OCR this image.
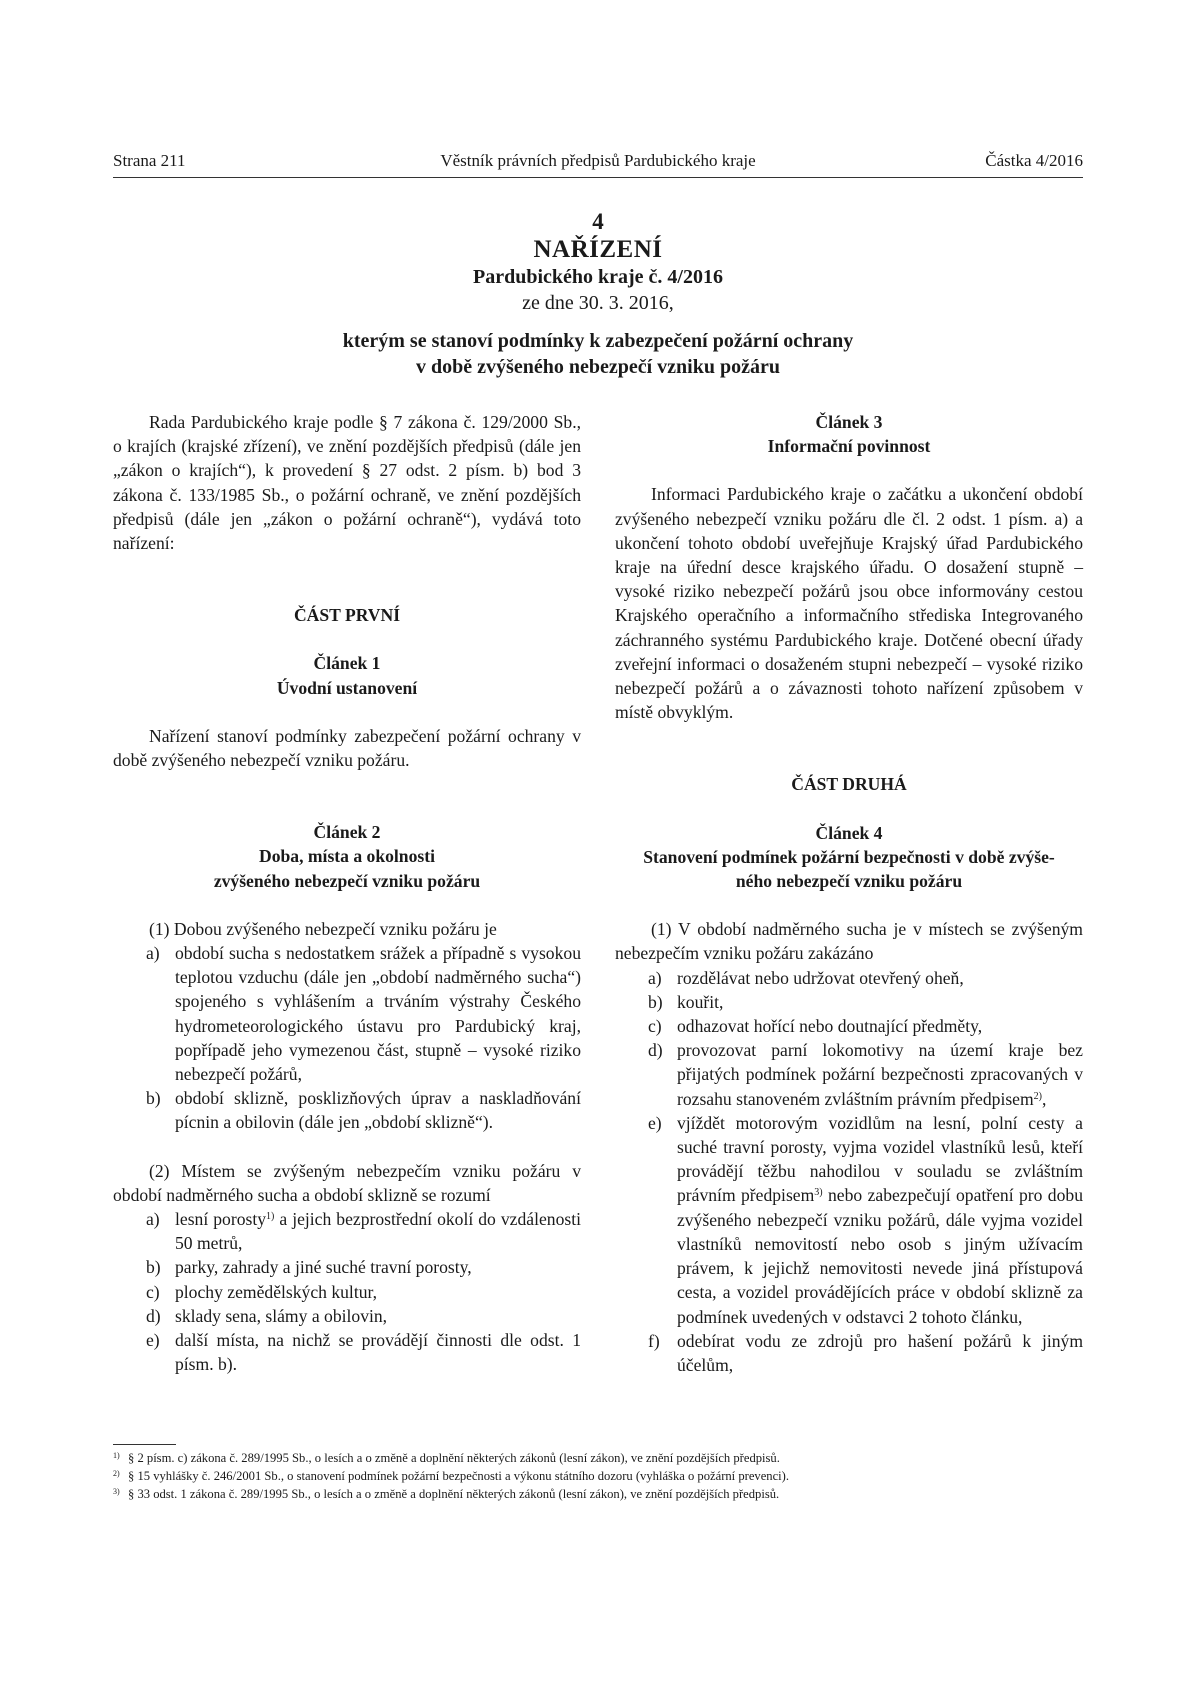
Strana 211	Věstník právních předpisů Pardubického kraje	Částka 4/2016
4
NAŘÍZENÍ
Pardubického kraje č. 4/2016
ze dne 30. 3. 2016,
kterým se stanoví podmínky k zabezpečení požární ochrany
v době zvýšeného nebezpečí vzniku požáru

Rada Pardubického kraje podle § 7 zákona č. 129/2000 Sb., o krajích (krajské zřízení), ve znění pozdějších předpisů (dále jen „zákon o krajích“), k provedení § 27 odst. 2 písm. b) bod 3 zákona č. 133/1985 Sb., o požární ochraně, ve znění pozdějších předpisů (dále jen „zákon o požární ochraně“), vydává toto nařízení:

ČÁST PRVNÍ

Článek 1

Úvodní ustanovení

Nařízení stanoví podmínky zabezpečení požární ochrany v době zvýšeného nebezpečí vzniku požáru.

Článek 2

Doba, místa a okolnosti

zvýšeného nebezpečí vzniku požáru

(1) Dobou zvýšeného nebezpečí vzniku požáru je

a) období sucha s nedostatkem srážek a případně s vysokou teplotou vzduchu (dále jen „období nadměrného sucha“) spojeného s vyhlášením a trváním výstrahy Českého hydrometeorologického ústavu pro Pardubický kraj, popřípadě jeho vymezenou část, stupně – vysoké riziko nebezpečí požárů,
b) období sklizně, posklizňových úprav a naskladňování pícnin a obilovin (dále jen „období sklizně“).

(2) Místem se zvýšeným nebezpečím vzniku požáru v období nadměrného sucha a období sklizně se rozumí

a) lesní porosty$^{1)}$ a jejich bezprostřední okolí do vzdálenosti 50 metrů,
b) parky, zahrady a jiné suché travní porosty,
c) plochy zemědělských kultur,
d) sklady sena, slámy a obilovin,
e) další místa, na nichž se provádějí činnosti dle odst. 1 písm. b).

Článek 3

Informační povinnost

Informaci Pardubického kraje o začátku a ukončení období zvýšeného nebezpečí vzniku požáru dle čl. 2 odst. 1 písm. a) a ukončení tohoto období uveřejňuje Krajský úřad Pardubického kraje na úřední desce krajského úřadu. O dosažení stupně – vysoké riziko nebezpečí požárů jsou obce informovány cestou Krajského operačního a informačního střediska Integrovaného záchranného systému Pardubického kraje. Dotčené obecní úřady zveřejní informaci o dosaženém stupni nebezpečí – vysoké riziko nebezpečí požárů a o závaznosti tohoto nařízení způsobem v místě obvyklým.

ČÁST DRUHÁ

Článek 4

Stanovení podmínek požární bezpečnosti v době zvýše-

ného nebezpečí vzniku požáru

(1) V období nadměrného sucha je v místech se zvýšeným nebezpečím vzniku požáru zakázáno

a) rozdělávat nebo udržovat otevřený oheň,
b) kouřit,
c) odhazovat hořící nebo doutnající předměty,
d) provozovat parní lokomotivy na území kraje bez přijatých podmínek požární bezpečnosti zpracovaných v rozsahu stanoveném zvláštním právním předpisem$^{2)}$,
e) vjíždět motorovým vozidlům na lesní, polní cesty a suché travní porosty, vyjma vozidel vlastníků lesů, kteří provádějí těžbu nahodilou v souladu se zvláštním právním předpisem$^{3)}$ nebo zabezpečují opatření pro dobu zvýšeného nebezpečí vzniku požárů, dále vyjma vozidel vlastníků nemovitostí nebo osob s jiným užívacím právem, k jejichž nemovitosti nevede jiná přístupová cesta, a vozidel provádějících práce v období sklizně za podmínek uvedených v odstavci 2 tohoto článku,
f) odebírat vodu ze zdrojů pro hašení požárů k jiným účelům,
1) § 2 písm. c) zákona č. 289/1995 Sb., o lesích a o změně a doplnění některých zákonů (lesní zákon), ve znění pozdějších předpisů.
2) § 15 vyhlášky č. 246/2001 Sb., o stanovení podmínek požární bezpečnosti a výkonu státního dozoru (vyhláška o požární prevenci).
3) § 33 odst. 1 zákona č. 289/1995 Sb., o lesích a o změně a doplnění některých zákonů (lesní zákon), ve znění pozdějších předpisů.
